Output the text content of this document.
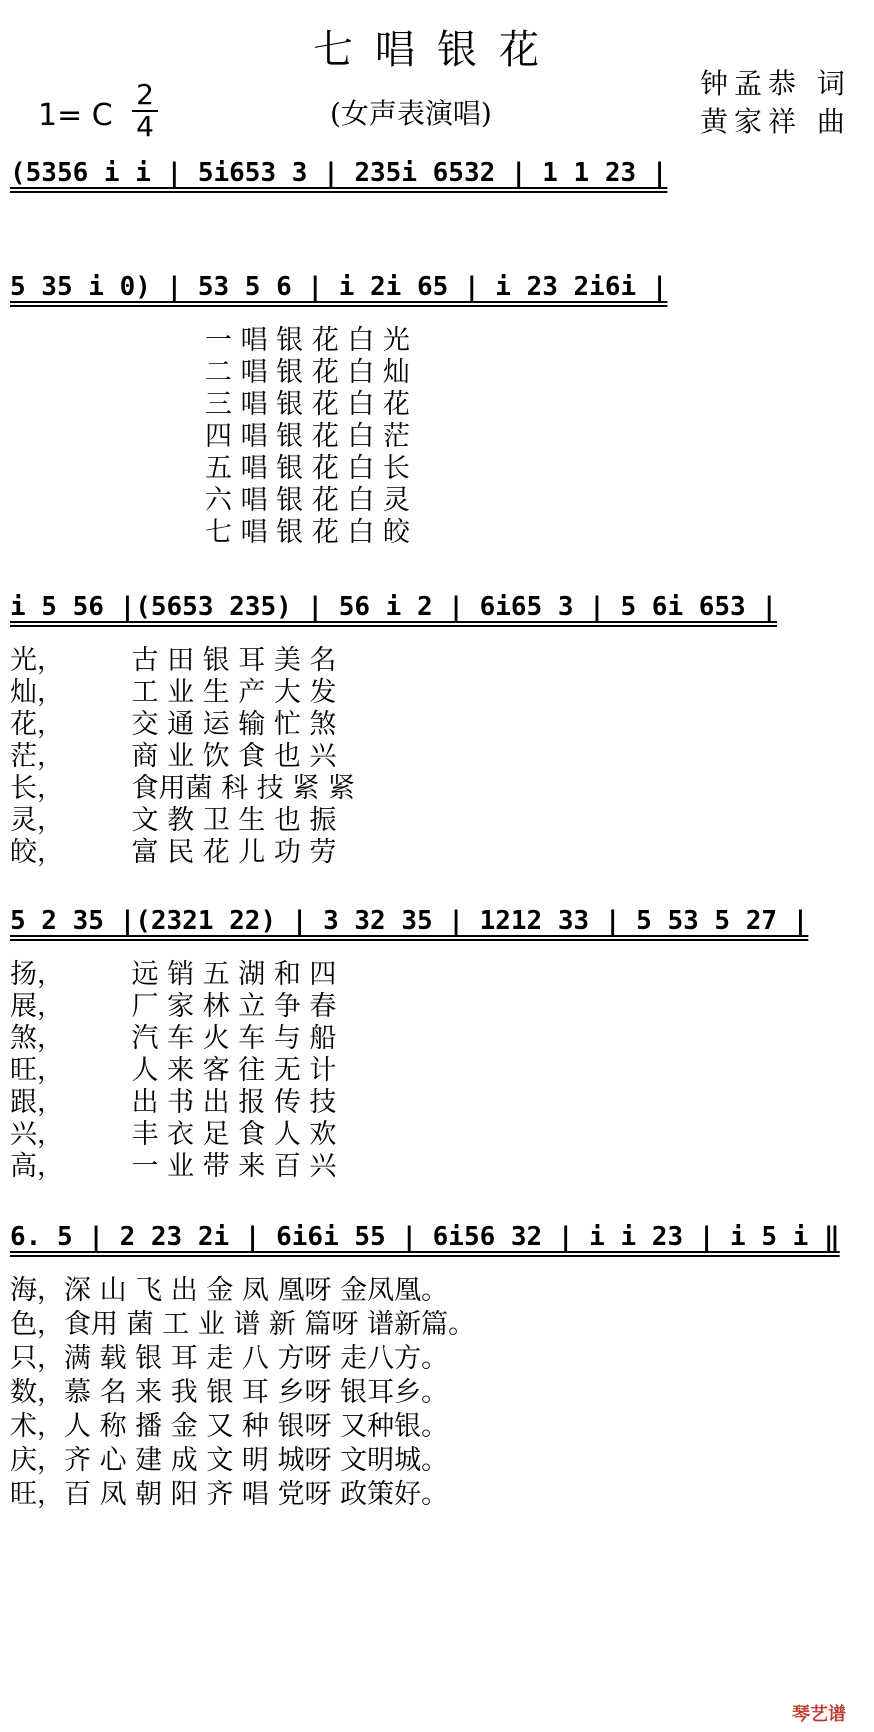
七唱银花
(女声表演唱)
钟孟恭 词
黄家祥 曲
1= C
2
4
(5356 i i | 5i653 3 | 235i 6532 | 1 1 23 |
5 35 i 0) | 53 5 6 | i 2i 65 | i 23 2i6i |
一 唱 银 花 白 光
二 唱 银 花 白 灿
三 唱 银 花 白 花
四 唱 银 花 白 茫
五 唱 银 花 白 长
六 唱 银 花 白 灵
七 唱 银 花 白 皎
i 5 56 |(5653 235) | 56 i 2 | 6i65 3 | 5 6i 653 |
光，　　　古 田 银 耳 美 名
灿，　　　工 业 生 产 大 发
花，　　　交 通 运 输 忙 煞
茫，　　　商 业 饮 食 也 兴
长，　　　食用菌 科 技 紧 紧
灵，　　　文 教 卫 生 也 振
皎，　　　富 民 花 儿 功 劳
5 2 35 |(2321 22) | 3 32 35 | 1212 33 | 5 53 5 27 |
扬，　　　远 销 五 湖 和 四
展，　　　厂 家 林 立 争 春
煞，　　　汽 车 火 车 与 船
旺，　　　人 来 客 往 无 计
跟，　　　出 书 出 报 传 技
兴，　　　丰 衣 足 食 人 欢
高，　　　一 业 带 来 百 兴
6. 5 | 2 23 2i | 6i6i 55 | 6i56 32 | i i 23 | i 5 i ‖
海，深 山 飞 出 金 凤 凰呀 金凤凰。
色，食用 菌 工 业 谱 新 篇呀 谱新篇。
只，满 载 银 耳 走 八 方呀 走八方。
数，慕 名 来 我 银 耳 乡呀 银耳乡。
术，人 称 播 金 又 种 银呀 又种银。
庆，齐 心 建 成 文 明 城呀 文明城。
旺，百 凤 朝 阳 齐 唱 党呀 政策好。
琴艺谱
